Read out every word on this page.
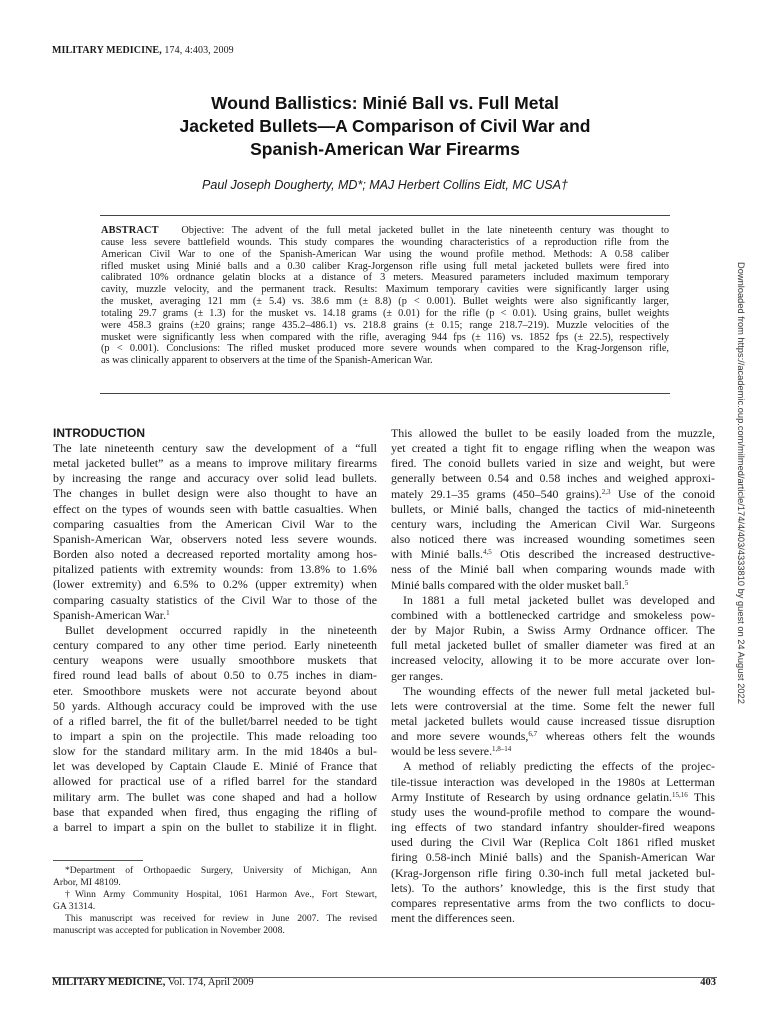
MILITARY MEDICINE, 174, 4:403, 2009
Wound Ballistics: Minié Ball vs. Full Metal
Jacketed Bullets—A Comparison of Civil War and
Spanish-American War Firearms
Paul Joseph Dougherty, MD*; MAJ Herbert Collins Eidt, MC USA†
ABSTRACT Objective: The advent of the full metal jacketed bullet in the late nineteenth century was thought to
cause less severe battlefield wounds. This study compares the wounding characteristics of a reproduction rifle from the
American Civil War to one of the Spanish-American War using the wound profile method. Methods: A 0.58 caliber
rifled musket using Minié balls and a 0.30 caliber Krag-Jorgenson rifle using full metal jacketed bullets were fired into
calibrated 10% ordnance gelatin blocks at a distance of 3 meters. Measured parameters included maximum temporary
cavity, muzzle velocity, and the permanent track. Results: Maximum temporary cavities were significantly larger using
the musket, averaging 121 mm (± 5.4) vs. 38.6 mm (± 8.8) (p < 0.001). Bullet weights were also significantly larger,
totaling 29.7 grams (± 1.3) for the musket vs. 14.18 grams (± 0.01) for the rifle (p < 0.01). Using grains, bullet weights
were 458.3 grains (±20 grains; range 435.2–486.1) vs. 218.8 grains (± 0.15; range 218.7–219). Muzzle velocities of the
musket were significantly less when compared with the rifle, averaging 944 fps (± 116) vs. 1852 fps (± 22.5), respectively
(p < 0.001). Conclusions: The rifled musket produced more severe wounds when compared to the Krag-Jorgenson rifle,
as was clinically apparent to observers at the time of the Spanish-American War.	Downloaded from https://academic.oup.com/milmed/article/174/4/403/4333810 by guest on 24 August 2022
INTRODUCTION
The late nineteenth century saw the development of a “full
metal jacketed bullet” as a means to improve military firearms
by increasing the range and accuracy over solid lead bullets.
The changes in bullet design were also thought to have an
effect on the types of wounds seen with battle casualties. When
comparing casualties from the American Civil War to the
Spanish-American War, observers noted less severe wounds.
Borden also noted a decreased reported mortality among hos-
pitalized patients with extremity wounds: from 13.8% to 1.6%
(lower extremity) and 6.5% to 0.2% (upper extremity) when
comparing casualty statistics of the Civil War to those of the
Spanish-American War.$^1$
Bullet development occurred rapidly in the nineteenth
century compared to any other time period. Early nineteenth
century weapons were usually smoothbore muskets that
fired round lead balls of about 0.50 to 0.75 inches in diam-
eter. Smoothbore muskets were not accurate beyond about
50 yards. Although accuracy could be improved with the use
of a rifled barrel, the fit of the bullet/barrel needed to be tight
to impart a spin on the projectile. This made reloading too
slow for the standard military arm. In the mid 1840s a bul-
let was developed by Captain Claude E. Minié of France that
allowed for practical use of a rifled barrel for the standard
military arm. The bullet was cone shaped and had a hollow
base that expanded when fired, thus engaging the rifling of
a barrel to impart a spin on the bullet to stabilize it in flight.
*Department of Orthopaedic Surgery, University of Michigan, Ann
Arbor, MI 48109.
†Winn Army Community Hospital, 1061 Harmon Ave., Fort Stewart,
GA 31314.
This manuscript was received for review in June 2007. The revised
manuscript was accepted for publication in November 2008.
This allowed the bullet to be easily loaded from the muzzle,
yet created a tight fit to engage rifling when the weapon was
fired. The conoid bullets varied in size and weight, but were
generally between 0.54 and 0.58 inches and weighed approxi-
mately 29.1–35 grams (450–540 grains).$^{2,3}$ Use of the conoid
bullets, or Minié balls, changed the tactics of mid-nineteenth
century wars, including the American Civil War. Surgeons
also noticed there was increased wounding sometimes seen
with Minié balls.$^{4,5}$ Otis described the increased destructive-
ness of the Minié ball when comparing wounds made with
Minié balls compared with the older musket ball.$^5$
In 1881 a full metal jacketed bullet was developed and
combined with a bottlenecked cartridge and smokeless pow-
der by Major Rubin, a Swiss Army Ordnance officer. The
full metal jacketed bullet of smaller diameter was fired at an
increased velocity, allowing it to be more accurate over lon-
ger ranges.
The wounding effects of the newer full metal jacketed bul-
lets were controversial at the time. Some felt the newer full
metal jacketed bullets would cause increased tissue disruption
and more severe wounds,$^{6,7}$ whereas others felt the wounds
would be less severe.$^{1,8-14}$
A method of reliably predicting the effects of the projec-
tile-tissue interaction was developed in the 1980s at Letterman
Army Institute of Research by using ordnance gelatin.$^{15,16}$ This
study uses the wound-profile method to compare the wound-
ing effects of two standard infantry shoulder-fired weapons
used during the Civil War (Replica Colt 1861 rifled musket
firing 0.58-inch Minié balls) and the Spanish-American War
(Krag-Jorgenson rifle firing 0.30-inch full metal jacketed bul-
lets). To the authors’ knowledge, this is the first study that
compares representative arms from the two conflicts to docu-
ment the differences seen.
MILITARY MEDICINE, Vol. 174, April 2009	403
